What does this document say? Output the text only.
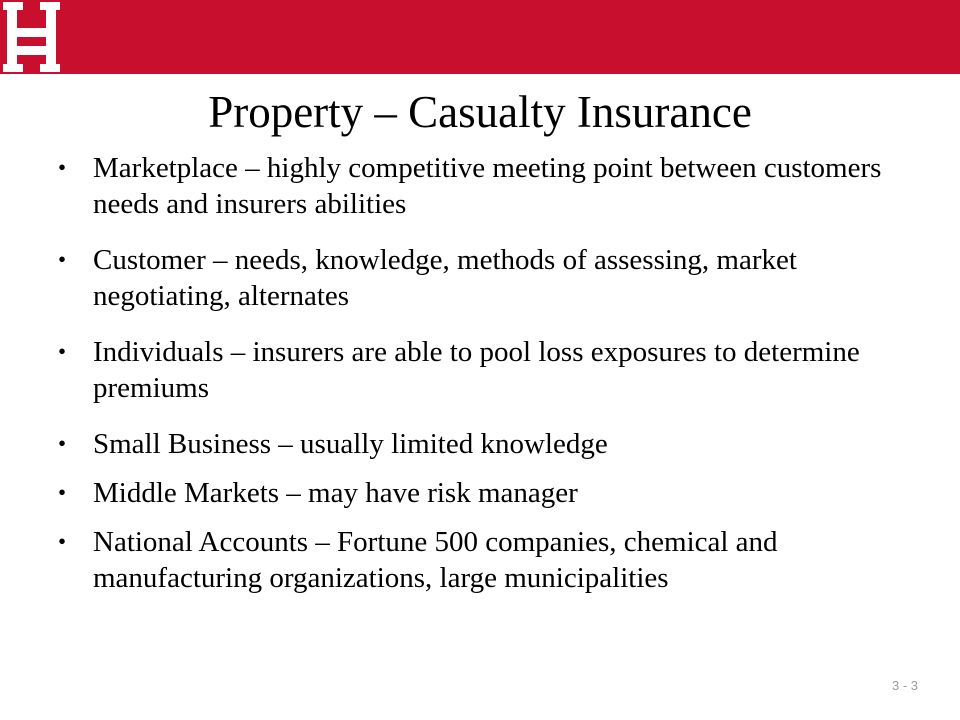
Property – Casualty Insurance
• Marketplace – highly competitive meeting point between customers needs and insurers abilities
• Customer – needs, knowledge, methods of assessing, market negotiating, alternates
• Individuals – insurers are able to pool loss exposures to determine premiums
• Small Business – usually limited knowledge
• Middle Markets – may have risk manager
• National Accounts – Fortune 500 companies, chemical and manufacturing organizations, large municipalities
3 - 3
